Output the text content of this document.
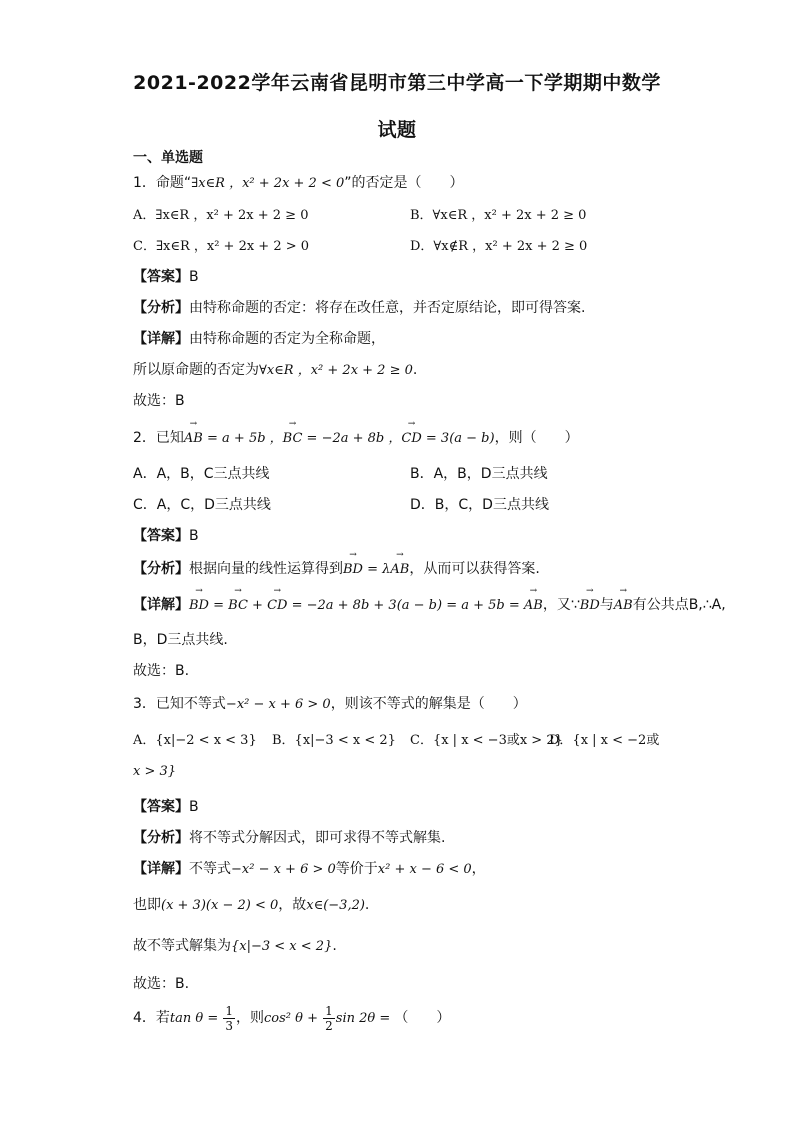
2021-2022学年云南省昆明市第三中学高一下学期期中数学
试题
一、单选题
1．命题“∃x∈R ，x² + 2x + 2 < 0”的否定是（　　）
A．∃x∈R ，x² + 2x + 2 ≥ 0	B．∀x∈R ，x² + 2x + 2 ≥ 0
C．∃x∈R ，x² + 2x + 2 > 0	D．∀x∉R ，x² + 2x + 2 ≥ 0
【答案】B
【分析】由特称命题的否定：将存在改任意，并否定原结论，即可得答案.
【详解】由特称命题的否定为全称命题，
所以原命题的否定为∀x∈R ，x² + 2x + 2 ≥ 0.
故选：B
2．已知→ AB = a + 5b ，→ BC = −2a + 8b ，→ CD = 3(a − b)，则（　　）
A．A，B，C三点共线	B．A，B，D三点共线
C．A，C，D三点共线	D．B，C，D三点共线
【答案】B
【分析】根据向量的线性运算得到→ BD = λ→ AB，从而可以获得答案.
【详解】→ BD = → BC + → CD = −2a + 8b + 3(a − b) = a + 5b = → AB，又∵→ BD与→ AB有公共点B,∴A,
B，D三点共线.
故选：B.
3．已知不等式−x² − x + 6 > 0，则该不等式的解集是（　　）
A．{x|−2 < x < 3} B．{x|−3 < x < 2} C．{x | x < −3或x > 2}
D．{x | x < −2或
x > 3}
【答案】B
【分析】将不等式分解因式，即可求得不等式解集.
【详解】不等式−x² − x + 6 > 0等价于x² + x − 6 < 0，
也即(x + 3)(x − 2) < 0，故x∈(−3,2).
故不等式解集为{x|−3 < x < 2}.
故选：B.
4．若$\tan \theta = \frac{1}{3}$ ，则cos² $\theta + \frac{1}{2}$ sin 2θ = （　　）
